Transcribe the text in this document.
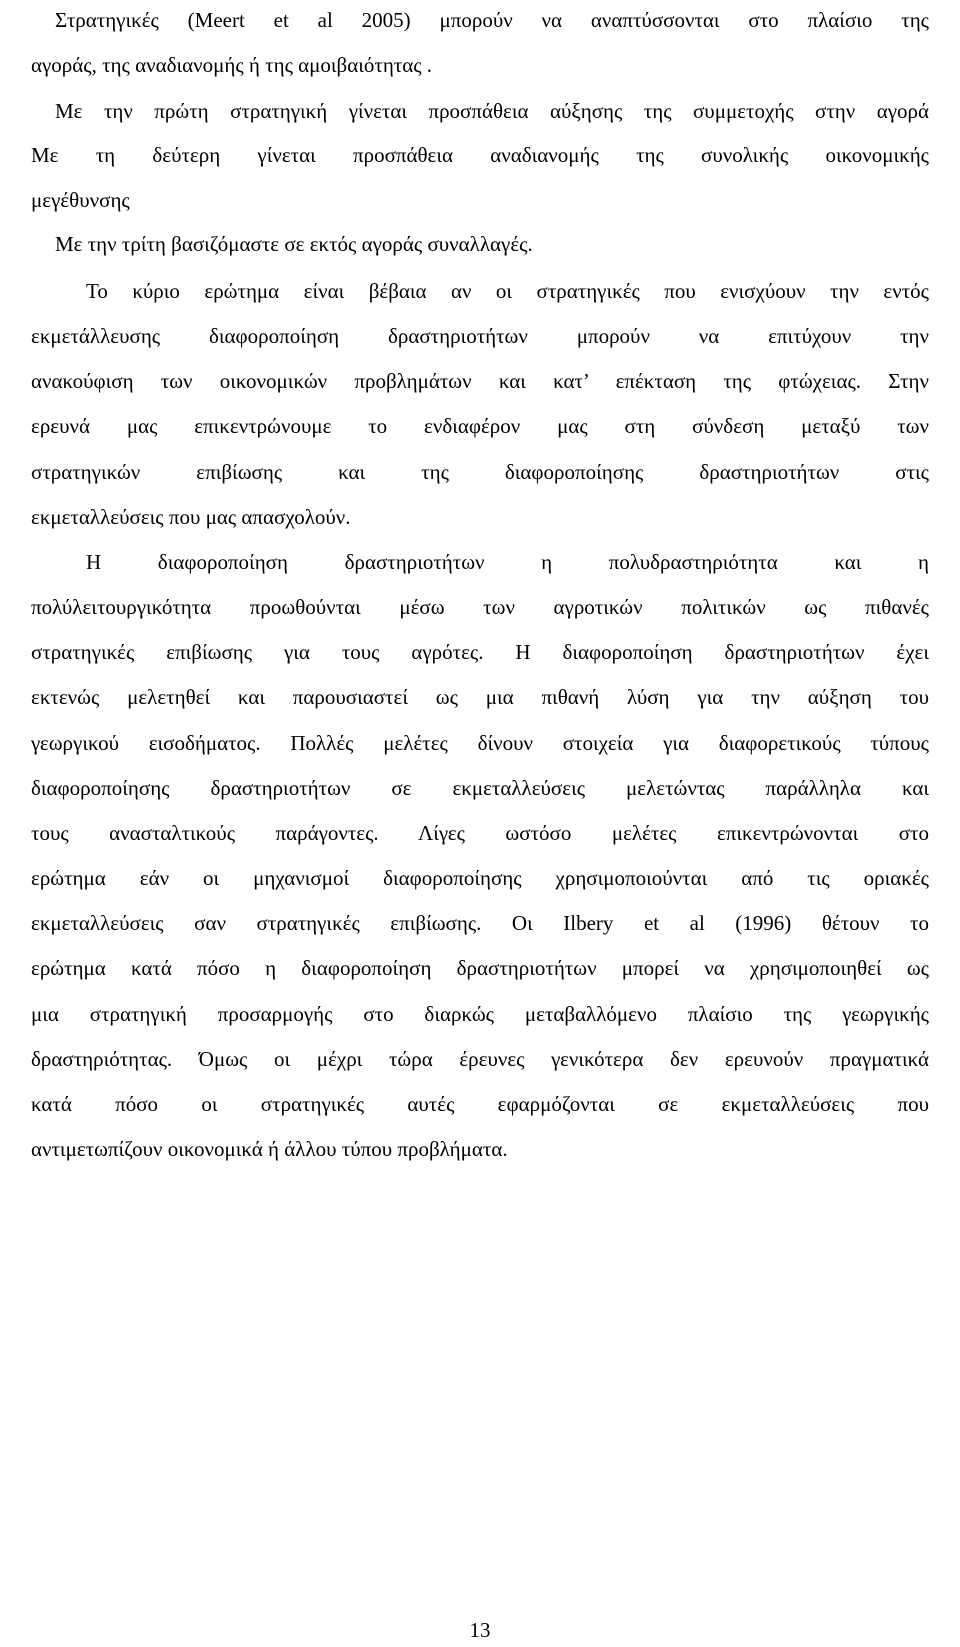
Στρατηγικές (Meert et al 2005) μπορούν να αναπτύσσονται στο πλαίσιο της
αγοράς, της αναδιανομής ή της αμοιβαιότητας .
Με την πρώτη στρατηγική γίνεται προσπάθεια αύξησης της συμμετοχής στην αγορά
Με τη δεύτερη γίνεται προσπάθεια αναδιανομής της συνολικής οικονομικής
μεγέθυνσης
Με την τρίτη βασιζόμαστε σε εκτός αγοράς συναλλαγές.
Το κύριο ερώτημα είναι βέβαια αν οι στρατηγικές που ενισχύουν την εντός
εκμετάλλευσης διαφοροποίηση δραστηριοτήτων μπορούν να επιτύχουν την
ανακούφιση των οικονομικών προβλημάτων και κατ’ επέκταση της φτώχειας. Στην
ερευνά μας επικεντρώνουμε το ενδιαφέρον μας στη σύνδεση μεταξύ των
στρατηγικών επιβίωσης και της διαφοροποίησης δραστηριοτήτων στις
εκμεταλλεύσεις που μας απασχολούν.
Η διαφοροποίηση δραστηριοτήτων η πολυδραστηριότητα και η
πολύλειτουργικότητα προωθούνται μέσω των αγροτικών πολιτικών ως πιθανές
στρατηγικές επιβίωσης για τους αγρότες. Η διαφοροποίηση δραστηριοτήτων έχει
εκτενώς μελετηθεί και παρουσιαστεί ως μια πιθανή λύση για την αύξηση του
γεωργικού εισοδήματος. Πολλές μελέτες δίνουν στοιχεία για διαφορετικούς τύπους
διαφοροποίησης δραστηριοτήτων σε εκμεταλλεύσεις μελετώντας παράλληλα και
τους ανασταλτικούς παράγοντες. Λίγες ωστόσο μελέτες επικεντρώνονται στο
ερώτημα εάν οι μηχανισμοί διαφοροποίησης χρησιμοποιούνται από τις οριακές
εκμεταλλεύσεις σαν στρατηγικές επιβίωσης. Οι Ilbery et al (1996) θέτουν το
ερώτημα κατά πόσο η διαφοροποίηση δραστηριοτήτων μπορεί να χρησιμοποιηθεί ως
μια στρατηγική προσαρμογής στο διαρκώς μεταβαλλόμενο πλαίσιο της γεωργικής
δραστηριότητας. Όμως οι μέχρι τώρα έρευνες γενικότερα δεν ερευνούν πραγματικά
κατά πόσο οι στρατηγικές αυτές εφαρμόζονται σε εκμεταλλεύσεις που
αντιμετωπίζουν οικονομικά ή άλλου τύπου προβλήματα.
13
